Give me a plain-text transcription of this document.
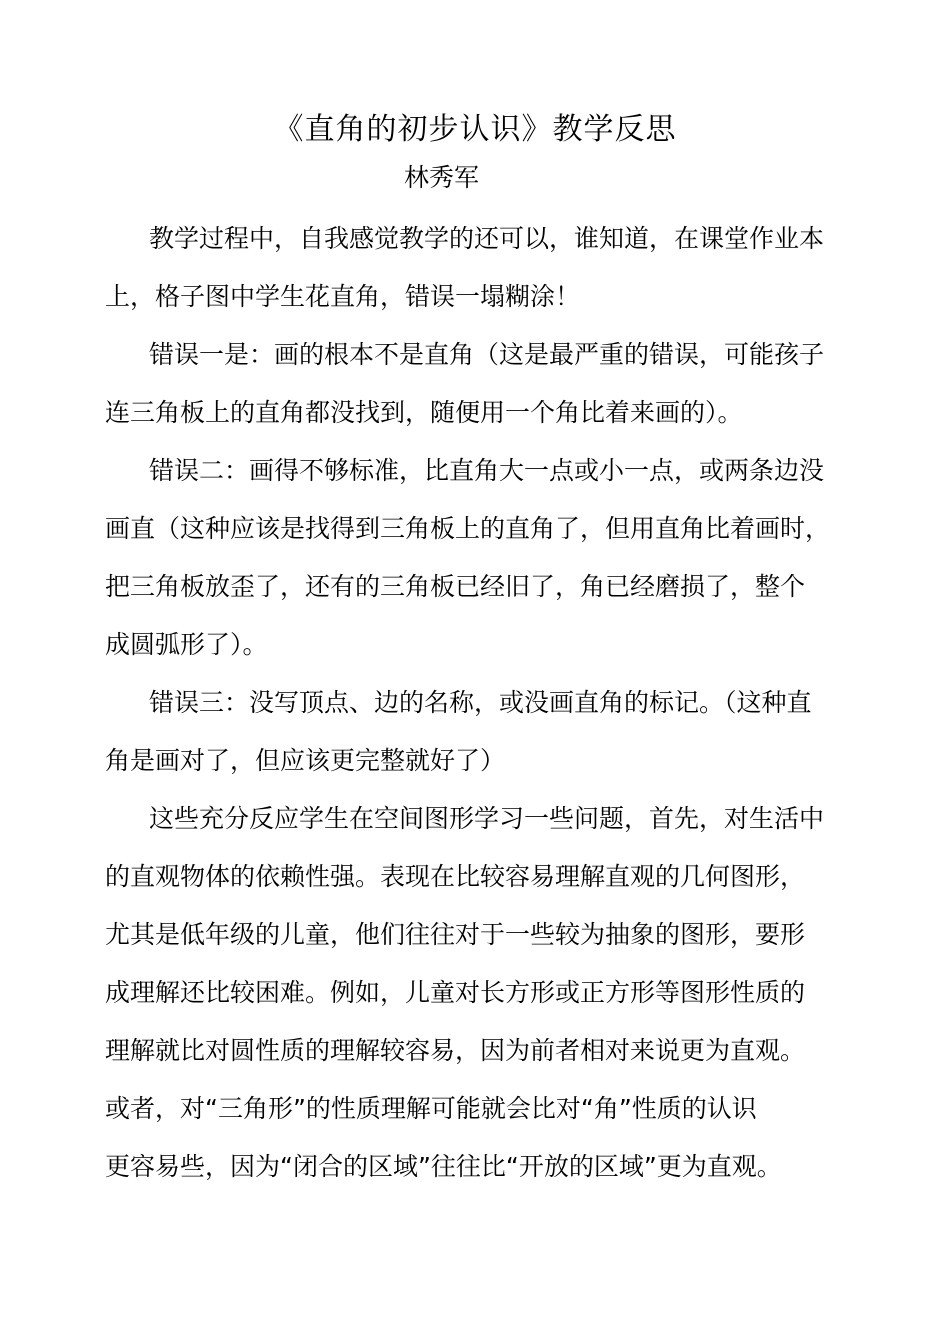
《直角的初步认识》教学反思
林秀军

教学过程中，自我感觉教学的还可以，谁知道，在课堂作业本
上，格子图中学生花直角，错误一塌糊涂！

错误一是：画的根本不是直角（这是最严重的错误，可能孩子
连三角板上的直角都没找到，随便用一个角比着来画的）。

错误二：画得不够标准，比直角大一点或小一点，或两条边没
画直（这种应该是找得到三角板上的直角了，但用直角比着画时，
把三角板放歪了，还有的三角板已经旧了，角已经磨损了，整个
成圆弧形了）。

错误三：没写顶点、边的名称，或没画直角的标记。（这种直
角是画对了，但应该更完整就好了）

这些充分反应学生在空间图形学习一些问题，首先，对生活中
的直观物体的依赖性强。表现在比较容易理解直观的几何图形，
尤其是低年级的儿童，他们往往对于一些较为抽象的图形，要形
成理解还比较困难。例如，儿童对长方形或正方形等图形性质的
理解就比对圆性质的理解较容易，因为前者相对来说更为直观。
或者，对“三角形”的性质理解可能就会比对“角”性质的认识
更容易些，因为“闭合的区域”往往比“开放的区域”更为直观。
